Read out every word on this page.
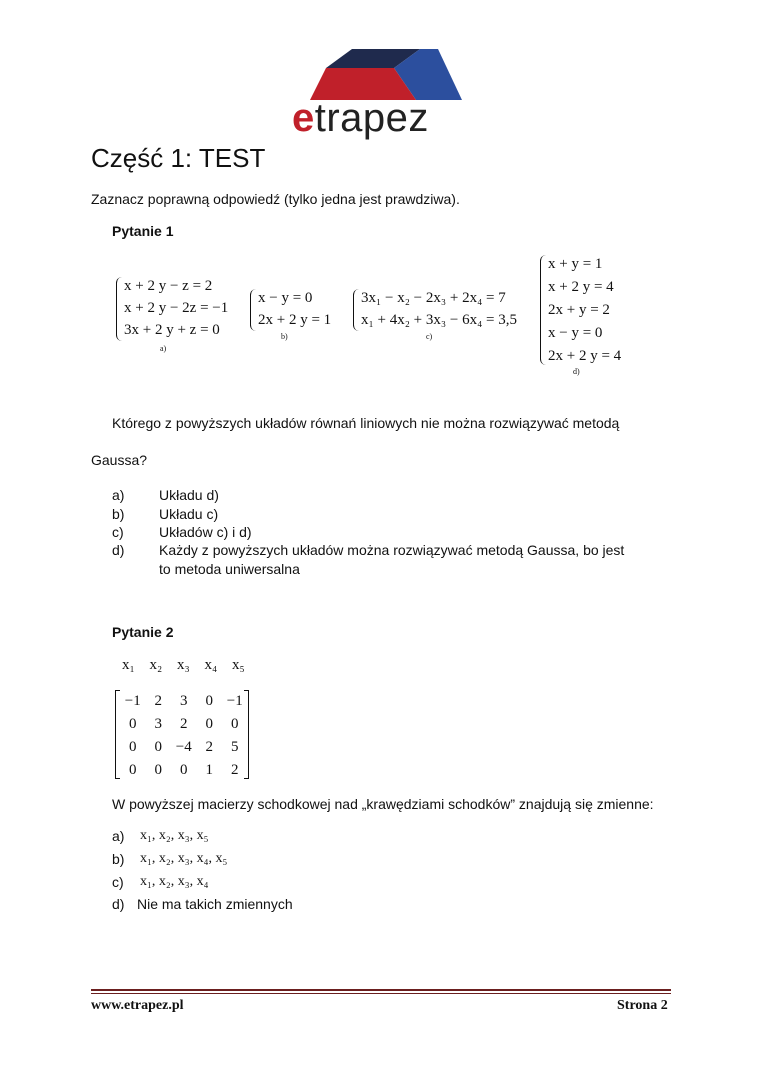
etrapez
Część 1: TEST
Zaznacz poprawną odpowiedź (tylko jedna jest prawdziwa).
Pytanie 1
x + 2 y − z = 2
x + 2 y − 2z = −1
3x + 2 y + z = 0
a)
x − y = 0
2x + 2 y = 1
b)
3x₁ − x₂ − 2x₃ + 2x₄ = 7
x₁ + 4x₂ + 3x₃ − 6x₄ = 3,5
c)
x + y = 1
x + 2 y = 4
2x + y = 2
x − y = 0
2x + 2 y = 4
d)
Którego z powyższych układów równań liniowych nie można rozwiązywać metodą
Gaussa?
a) Układu d)
b) Układu c)
c)	Układów c) i d)
d) Każdy z powyższych układów można rozwiązywać metodą Gaussa, bo jest to metoda uniwersalna
Pytanie 2
x₁ x₂ x₃ x₄ x₅
−1	2	3	0	−1
0	3	2	0	0
0	0	−4	2	5
0	0	0	1	2
W powyższej macierzy schodkowej nad „krawędziami schodków” znajdują się zmienne:
a) x₁, x₂, x₃, x₅
b) x₁, x₂, x₃, x₄, x₅
c) x₁, x₂, x₃, x₄
d) Nie ma takich zmiennych
www.etrapez.pl	Strona 2
